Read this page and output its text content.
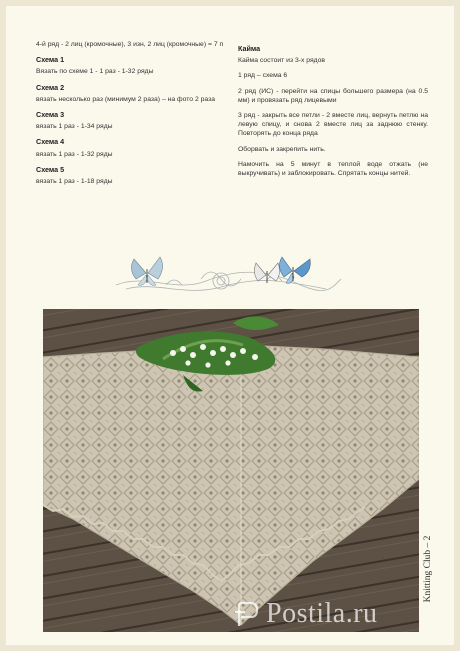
4-й ряд - 2 лиц (кромочные), 3 изн, 2 лиц (кромочные) = 7 п

Схема 1

Вязать по схеме 1 - 1 раз - 1-32 ряды

Схема 2

вязать несколько раз (минимум 2 раза) – на фото 2 раза

Схема 3

вязать 1 раз - 1-34 ряды

Схема 4

вязать 1 раз - 1-32 ряды

Схема 5

вязать 1 раз - 1-18 ряды

Кайма

Кайма состоит из 3-х рядов

1 ряд – схема 6

2 ряд (ИС) - перейти на спицы большего размера (на 0.5 мм) и провязать ряд лицевыми

3 ряд - закрыть все петли - 2 вместе лиц, вернуть петлю на левую спицу, и снова 2 вместе лиц за заднюю стенку. Повторять до конца ряда

Оборвать и закрепить нить.

Намочить на 5 минут в теплой воде отжать (не выкручивать) и заблокировать. Спрятать концы нитей.

Knitting Club – 2
Postila.ru
